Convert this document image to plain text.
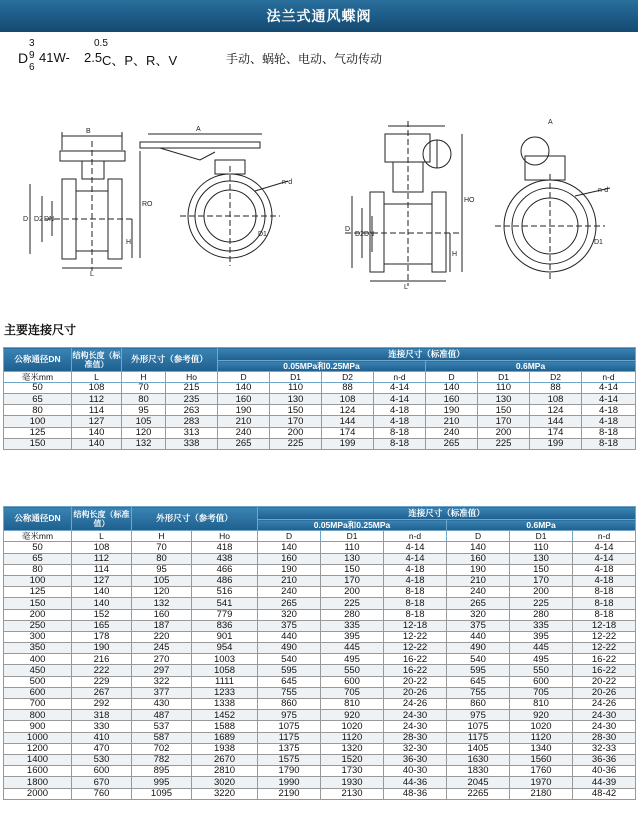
法兰式通风蝶阀
D
3
9
6
41W-
0.5
2.5 C、P、R、V	手动、蜗轮、电动、气动传动
B	A
RO
D D2 DN
H
L
n-d
D1
A
HO
D
D2 DN
H
L
n-d
D1
主要连接尺寸
公称通径DN	结构长度（标准值）	外形尺寸（参考值）		连接尺寸（标准值）							
				0.05MPa和0.25MPa				0.6MPa			
毫米mm	L	H	Ho	D	D1	D2	n-d	D	D1	D2	n-d
50	108	70	215	140	110	88	4-14	140	110	88	4-14
65	112	80	235	160	130	108	4-14	160	130	108	4-14
80	114	95	263	190	150	124	4-18	190	150	124	4-18
100	127	105	283	210	170	144	4-18	210	170	144	4-18
125	140	120	313	240	200	174	8-18	240	200	174	8-18
150	140	132	338	265	225	199	8-18	265	225	199	8-18
公称通径DN	结构长度（标准值）	外形尺寸（参考值）		连接尺寸（标准值）					
				0.05MPa和0.25MPa			0.6MPa		
毫米mm	L	H	Ho	D	D1	n-d	D	D1	n-d
50	108	70	418	140	110	4-14	140	110	4-14
65	112	80	438	160	130	4-14	160	130	4-14
80	114	95	466	190	150	4-18	190	150	4-18
100	127	105	486	210	170	4-18	210	170	4-18
125	140	120	516	240	200	8-18	240	200	8-18
150	140	132	541	265	225	8-18	265	225	8-18
200	152	160	779	320	280	8-18	320	280	8-18
250	165	187	836	375	335	12-18	375	335	12-18
300	178	220	901	440	395	12-22	440	395	12-22
350	190	245	954	490	445	12-22	490	445	12-22
400	216	270	1003	540	495	16-22	540	495	16-22
450	222	297	1058	595	550	16-22	595	550	16-22
500	229	322	1111	645	600	20-22	645	600	20-22
600	267	377	1233	755	705	20-26	755	705	20-26
700	292	430	1338	860	810	24-26	860	810	24-26
800	318	487	1452	975	920	24-30	975	920	24-30
900	330	537	1588	1075	1020	24-30	1075	1020	24-30
1000	410	587	1689	1175	1120	28-30	1175	1120	28-30
1200	470	702	1938	1375	1320	32-30	1405	1340	32-33
1400	530	782	2670	1575	1520	36-30	1630	1560	36-36
1600	600	895	2810	1790	1730	40-30	1830	1760	40-36
1800	670	995	3020	1990	1930	44-36	2045	1970	44-39
2000	760	1095	3220	2190	2130	48-36	2265	2180	48-42
